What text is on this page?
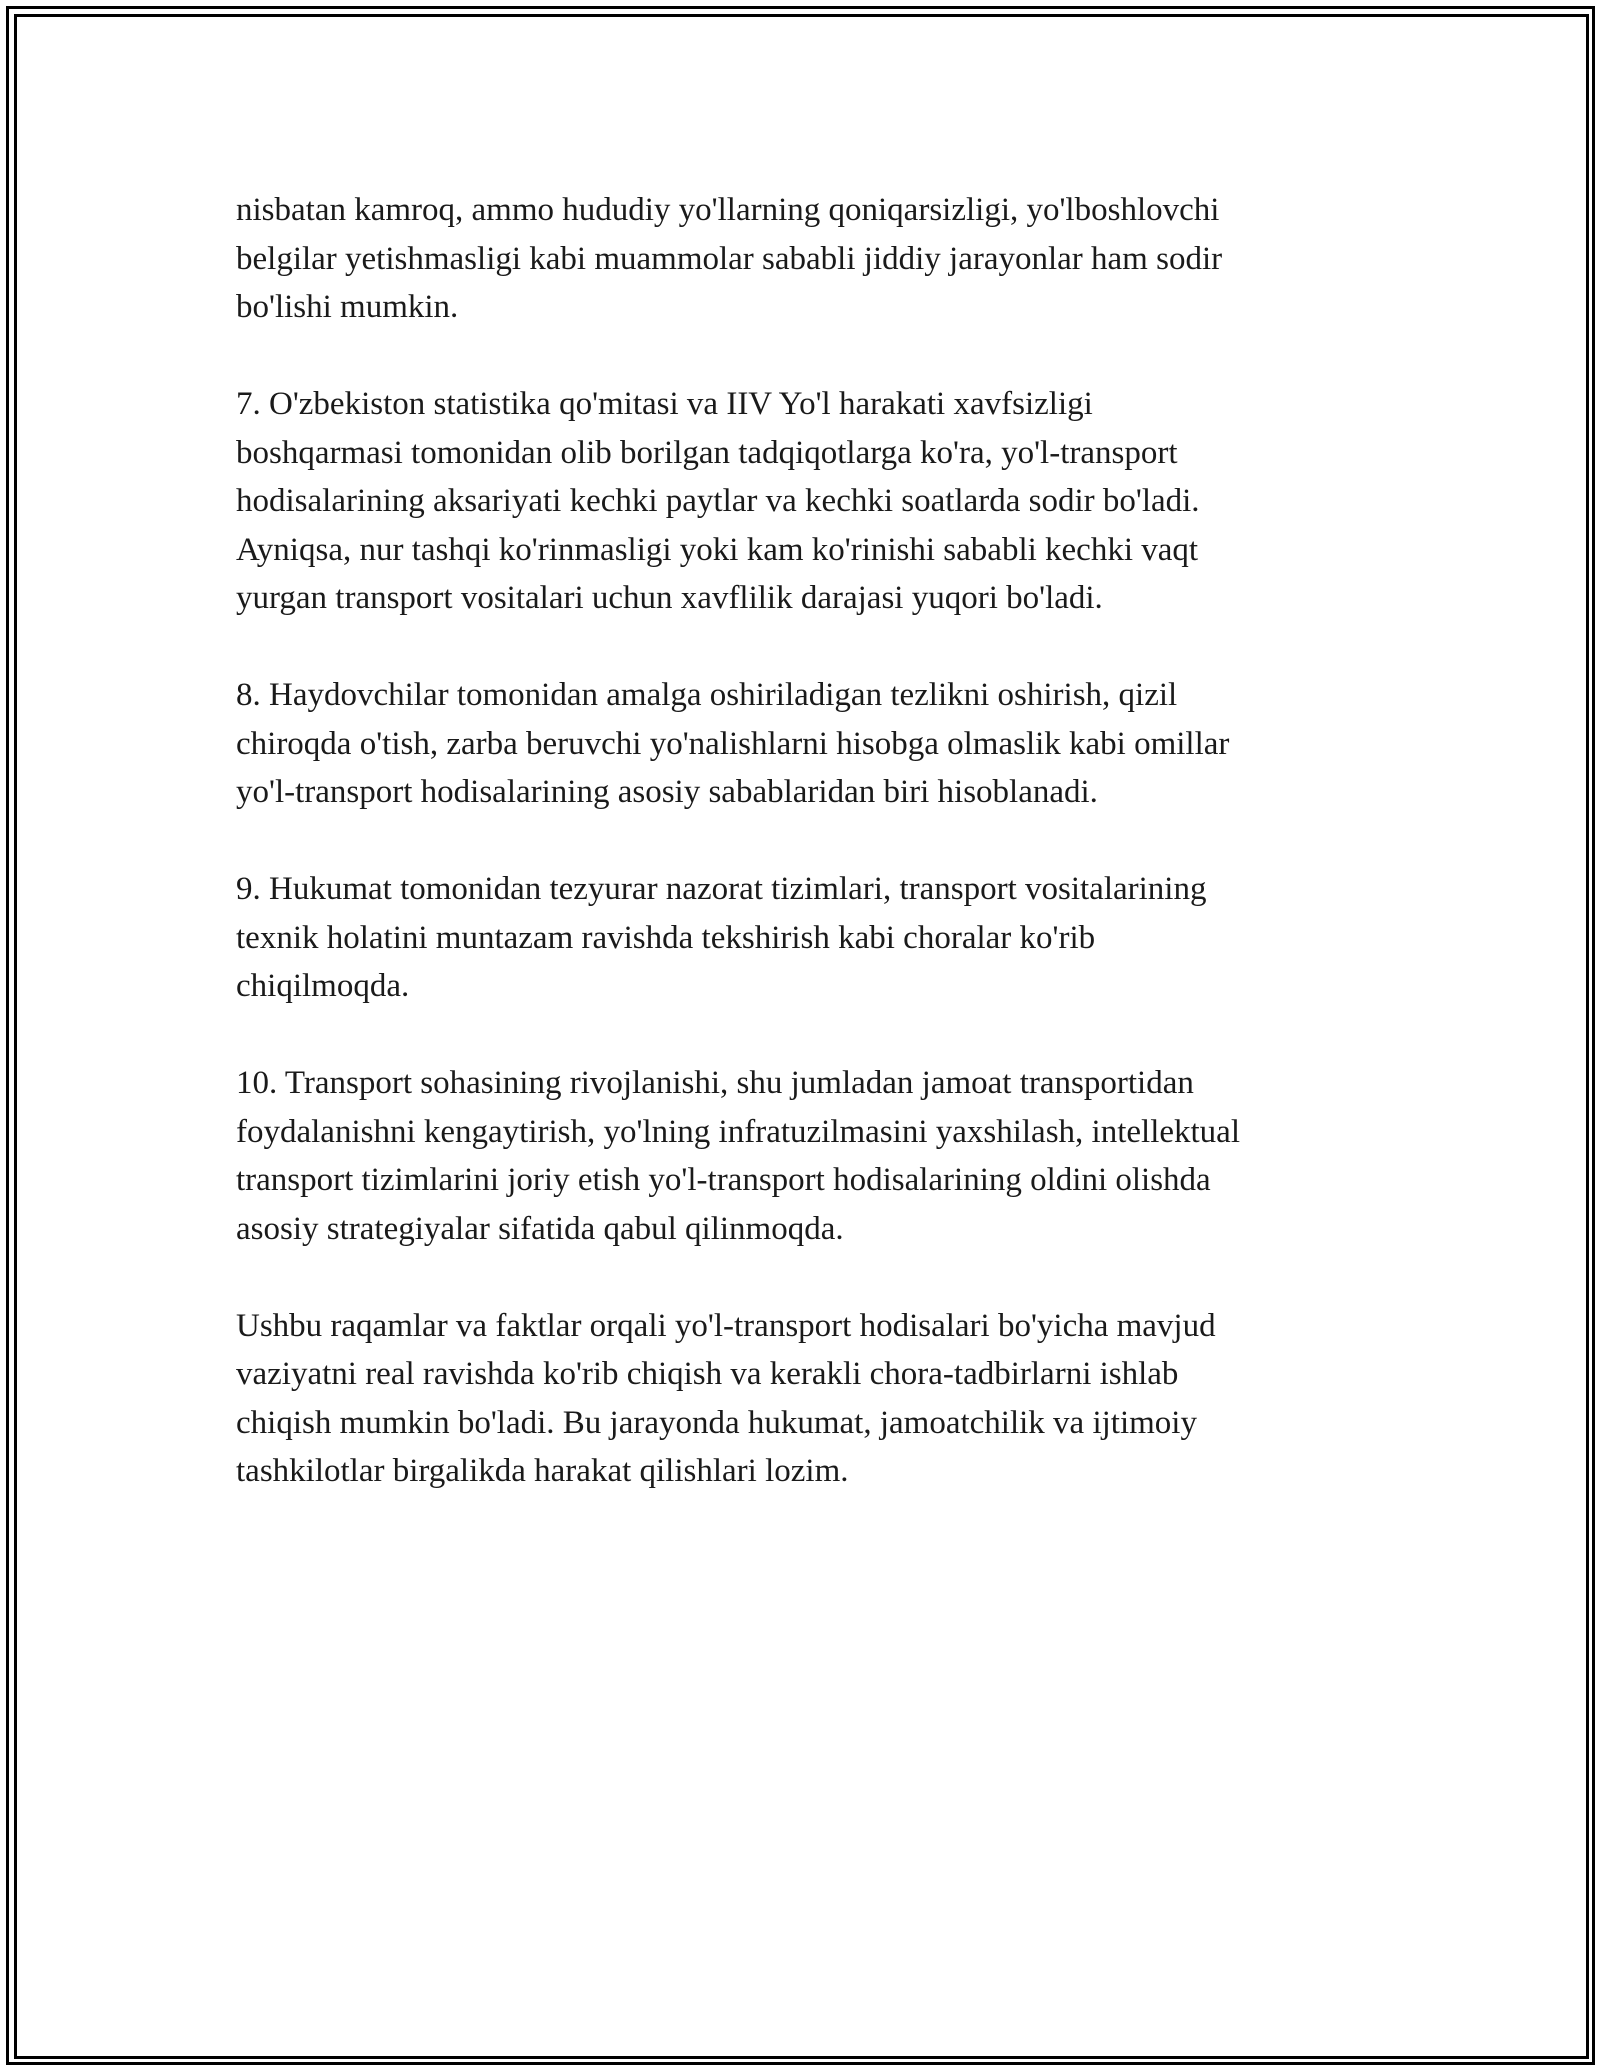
nisbatan kamroq, ammo hududiy yo'llarning qoniqarsizligi, yo'lboshlovchi
belgilar yetishmasligi kabi muammolar sababli jiddiy jarayonlar ham sodir
bo'lishi mumkin.

7. O'zbekiston statistika qo'mitasi va IIV Yo'l harakati xavfsizligi
boshqarmasi tomonidan olib borilgan tadqiqotlarga ko'ra, yo'l-transport
hodisalarining aksariyati kechki paytlar va kechki soatlarda sodir bo'ladi.
Ayniqsa, nur tashqi ko'rinmasligi yoki kam ko'rinishi sababli kechki vaqt
yurgan transport vositalari uchun xavflilik darajasi yuqori bo'ladi.

8. Haydovchilar tomonidan amalga oshiriladigan tezlikni oshirish, qizil
chiroqda o'tish, zarba beruvchi yo'nalishlarni hisobga olmaslik kabi omillar
yo'l-transport hodisalarining asosiy sabablaridan biri hisoblanadi.

9. Hukumat tomonidan tezyurar nazorat tizimlari, transport vositalarining
texnik holatini muntazam ravishda tekshirish kabi choralar ko'rib
chiqilmoqda.

10. Transport sohasining rivojlanishi, shu jumladan jamoat transportidan
foydalanishni kengaytirish, yo'lning infratuzilmasini yaxshilash, intellektual
transport tizimlarini joriy etish yo'l-transport hodisalarining oldini olishda
asosiy strategiyalar sifatida qabul qilinmoqda.

Ushbu raqamlar va faktlar orqali yo'l-transport hodisalari bo'yicha mavjud
vaziyatni real ravishda ko'rib chiqish va kerakli chora-tadbirlarni ishlab
chiqish mumkin bo'ladi. Bu jarayonda hukumat, jamoatchilik va ijtimoiy
tashkilotlar birgalikda harakat qilishlari lozim.
